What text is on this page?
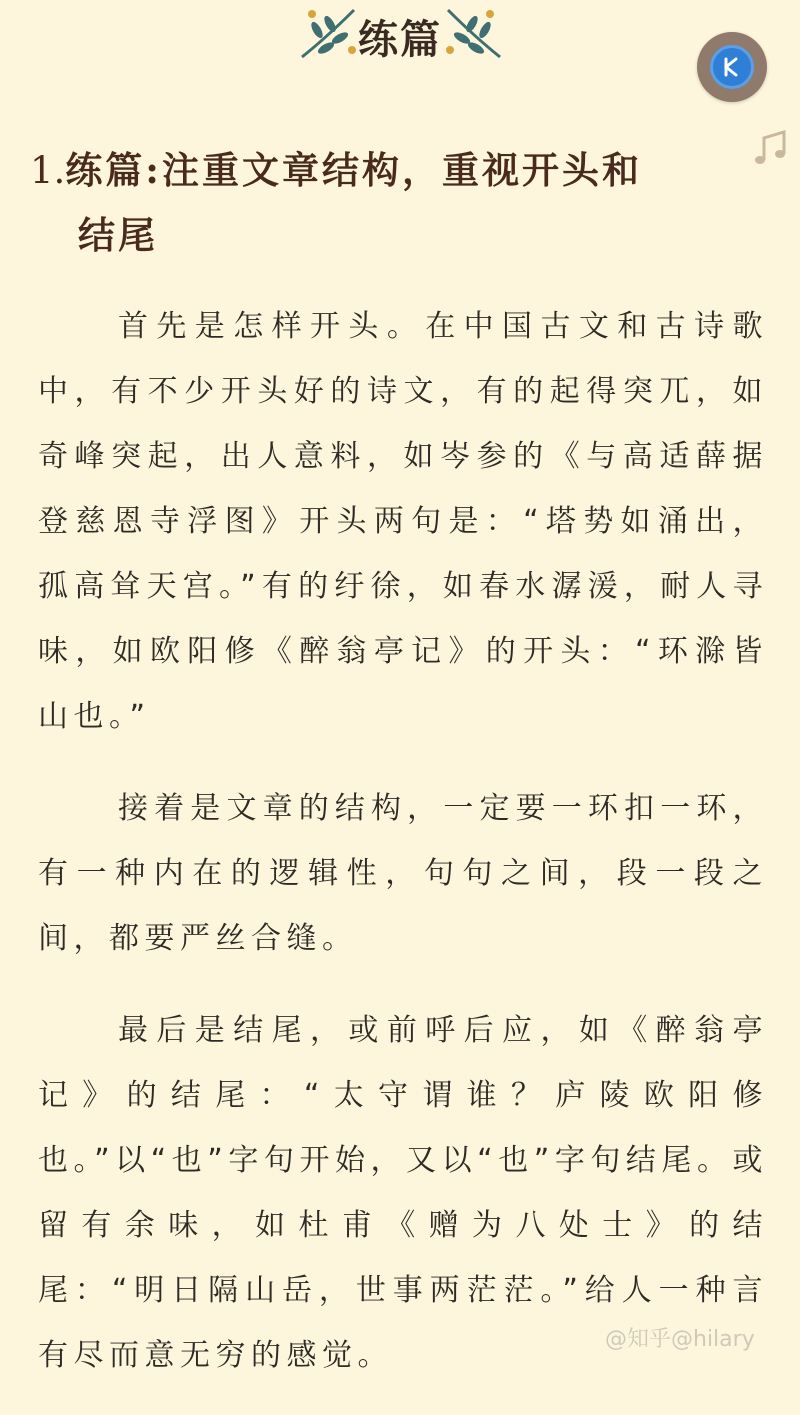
练篇
1.练篇:注重文章结构，重视开头和
结尾

首先是怎样开头。在中国古文和古诗歌中，有不少开头好的诗文，有的起得突兀，如奇峰突起，出人意料，如岑参的《与高适薛据登慈恩寺浮图》开头两句是：“塔势如涌出，孤高耸天宫。”有的纡徐，如春水潺湲，耐人寻味，如欧阳修《醉翁亭记》的开头：“环滁皆山也。”

接着是文章的结构，一定要一环扣一环，有一种内在的逻辑性，句句之间，段一段之间，都要严丝合缝。

最后是结尾，或前呼后应，如《醉翁亭记》的结尾：“太守谓谁？庐陵欧阳修也。”以“也”字句开始，又以“也”字句结尾。或留有余味，如杜甫《赠为八处士》的结尾：“明日隔山岳，世事两茫茫。”给人一种言有尽而意无穷的感觉。	@知乎@hilary
